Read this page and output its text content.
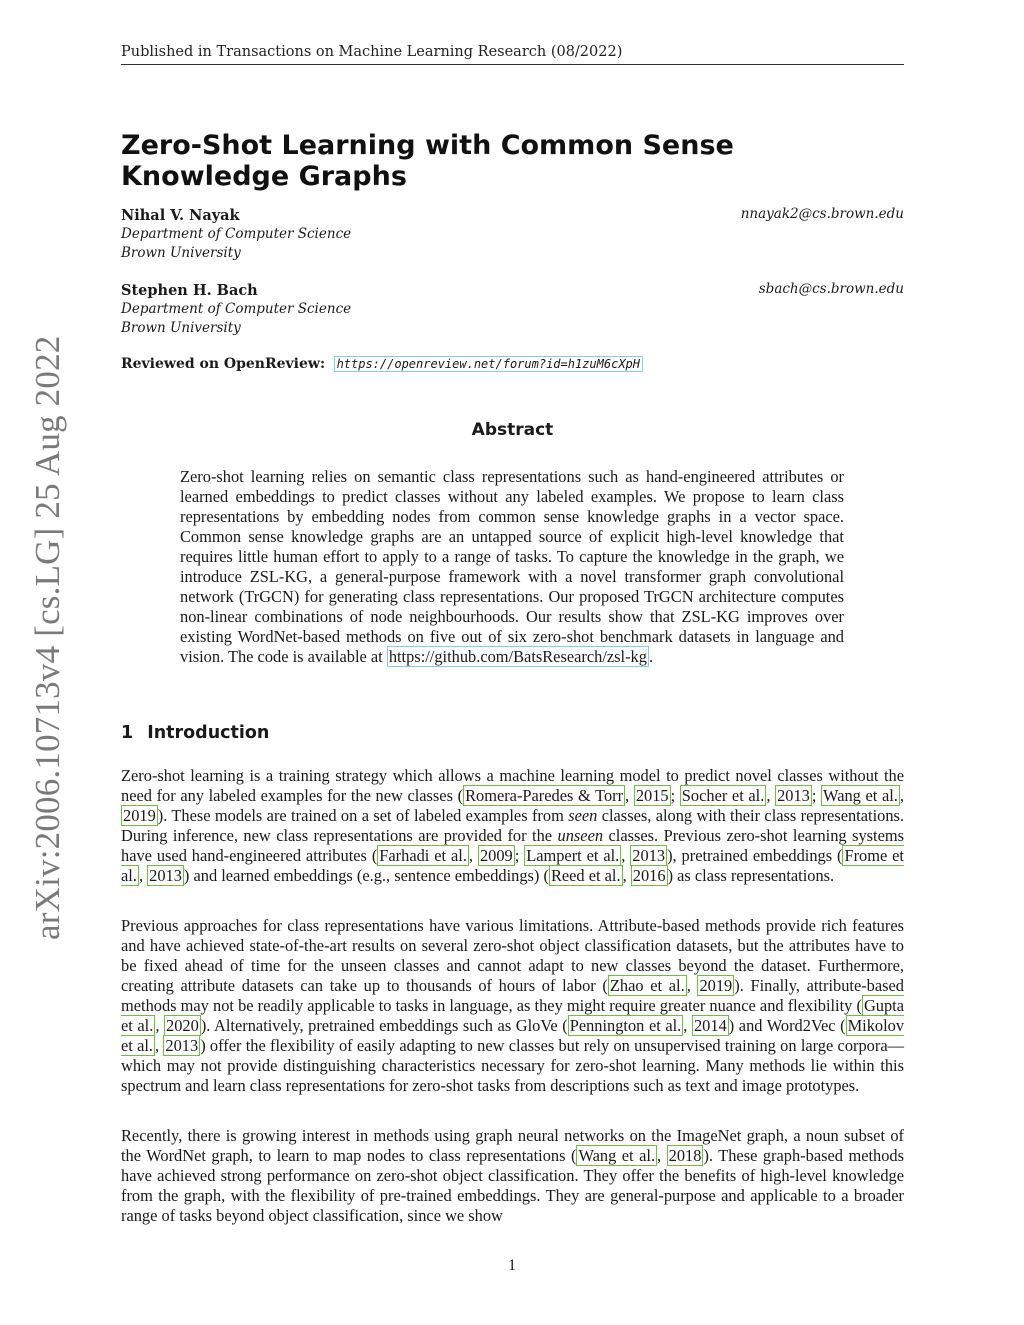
Published in Transactions on Machine Learning Research (08/2022)
arXiv:2006.10713v4 [cs.LG] 25 Aug 2022
Zero-Shot Learning with Common Sense Knowledge Graphs
Nihal V. Nayak
Department of Computer Science
Brown University
nnayak2@cs.brown.edu
Stephen H. Bach
Department of Computer Science
Brown University
sbach@cs.brown.edu
Reviewed on OpenReview: https://openreview.net/forum?id=h1zuM6cXpH
Abstract

Zero-shot learning relies on semantic class representations such as hand-engineered attributes or learned embeddings to predict classes without any labeled examples. We propose to learn class representations by embedding nodes from common sense knowledge graphs in a vector space. Common sense knowledge graphs are an untapped source of explicit high-level knowledge that requires little human effort to apply to a range of tasks. To capture the knowledge in the graph, we introduce ZSL-KG, a general-purpose framework with a novel transformer graph convolutional network (TrGCN) for generating class representations. Our proposed TrGCN architecture computes non-linear combinations of node neighbourhoods. Our results show that ZSL-KG improves over existing WordNet-based methods on five out of six zero-shot benchmark datasets in language and vision. The code is available at https://github.com/BatsResearch/zsl-kg .

1 Introduction

Zero-shot learning is a training strategy which allows a machine learning model to predict novel classes without the need for any labeled examples for the new classes ( Romera-Paredes & Torr , 2015 ; Socher et al. , 2013 ; Wang et al. , 2019 ). These models are trained on a set of labeled examples from seen classes, along with their class representations. During inference, new class representations are provided for the unseen classes. Previous zero-shot learning systems have used hand-engineered attributes ( Farhadi et al. , 2009 ; Lampert et al. , 2013 ), pretrained embeddings ( Frome et al. , 2013 ) and learned embeddings (e.g., sentence embeddings) ( Reed et al. , 2016 ) as class representations.

Previous approaches for class representations have various limitations. Attribute-based methods provide rich features and have achieved state-of-the-art results on several zero-shot object classification datasets, but the attributes have to be fixed ahead of time for the unseen classes and cannot adapt to new classes beyond the dataset. Furthermore, creating attribute datasets can take up to thousands of hours of labor ( Zhao et al. , 2019 ). Finally, attribute-based methods may not be readily applicable to tasks in language, as they might require greater nuance and flexibility ( Gupta et al. , 2020 ). Alternatively, pretrained embeddings such as GloVe ( Pennington et al. , 2014 ) and Word2Vec ( Mikolov et al. , 2013 ) offer the flexibility of easily adapting to new classes but rely on unsupervised training on large corpora—which may not provide distinguishing characteristics necessary for zero-shot learning. Many methods lie within this spectrum and learn class representations for zero-shot tasks from descriptions such as text and image prototypes.

Recently, there is growing interest in methods using graph neural networks on the ImageNet graph, a noun subset of the WordNet graph, to learn to map nodes to class representations ( Wang et al. , 2018 ). These graph-based methods have achieved strong performance on zero-shot object classification. They offer the benefits of high-level knowledge from the graph, with the flexibility of pre-trained embeddings. They are general-purpose and applicable to a broader range of tasks beyond object classification, since we show

1
